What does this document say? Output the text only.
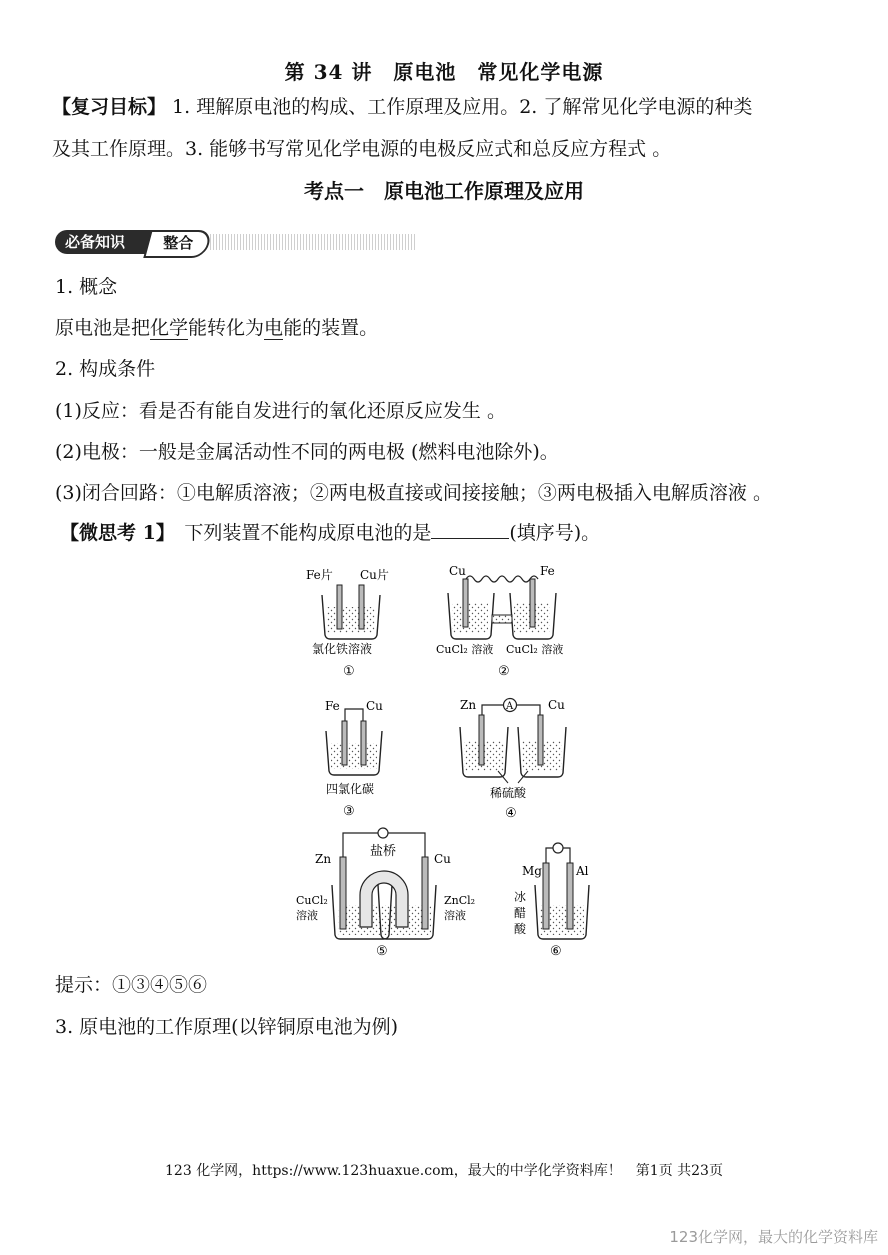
第 34 讲　原电池　常见化学电源
【复习目标】 1. 理解原电池的构成、工作原理及应用。2. 了解常见化学电源的种类
及其工作原理。3. 能够书写常见化学电源的电极反应式和总反应方程式 。
考点一　原电池工作原理及应用
必备知识	整合
1. 概念
原电池是把化学能转化为电能的装置。
2. 构成条件
(1)反应：看是否有能自发进行的氧化还原反应发生 。
(2)电极：一般是金属活动性不同的两电极 (燃料电池除外)。
(3)闭合回路：①电解质溶液；②两电极直接或间接接触；③两电极插入电解质溶液 。
【微思考 1】　下列装置不能构成原电池的是	(填序号)。
Fe片 Cu片
氯化铁溶液
①
Cu	Fe
CuCl₂ 溶液 CuCl₂ 溶液
②
Fe Cu
四氯化碳
③
Zn	Cu
A
稀硫酸
④
Zn	盐桥	Cu
CuCl₂
溶液
ZnCl₂
溶液
⑤
Mg	Al
冰
醋
酸
⑥
提示：①③④⑤⑥
3. 原电池的工作原理(以锌铜原电池为例)
123 化学网，https://www.123huaxue.com，最大的中学化学资料库！　第1页 共23页
123化学网，最大的化学资料库
